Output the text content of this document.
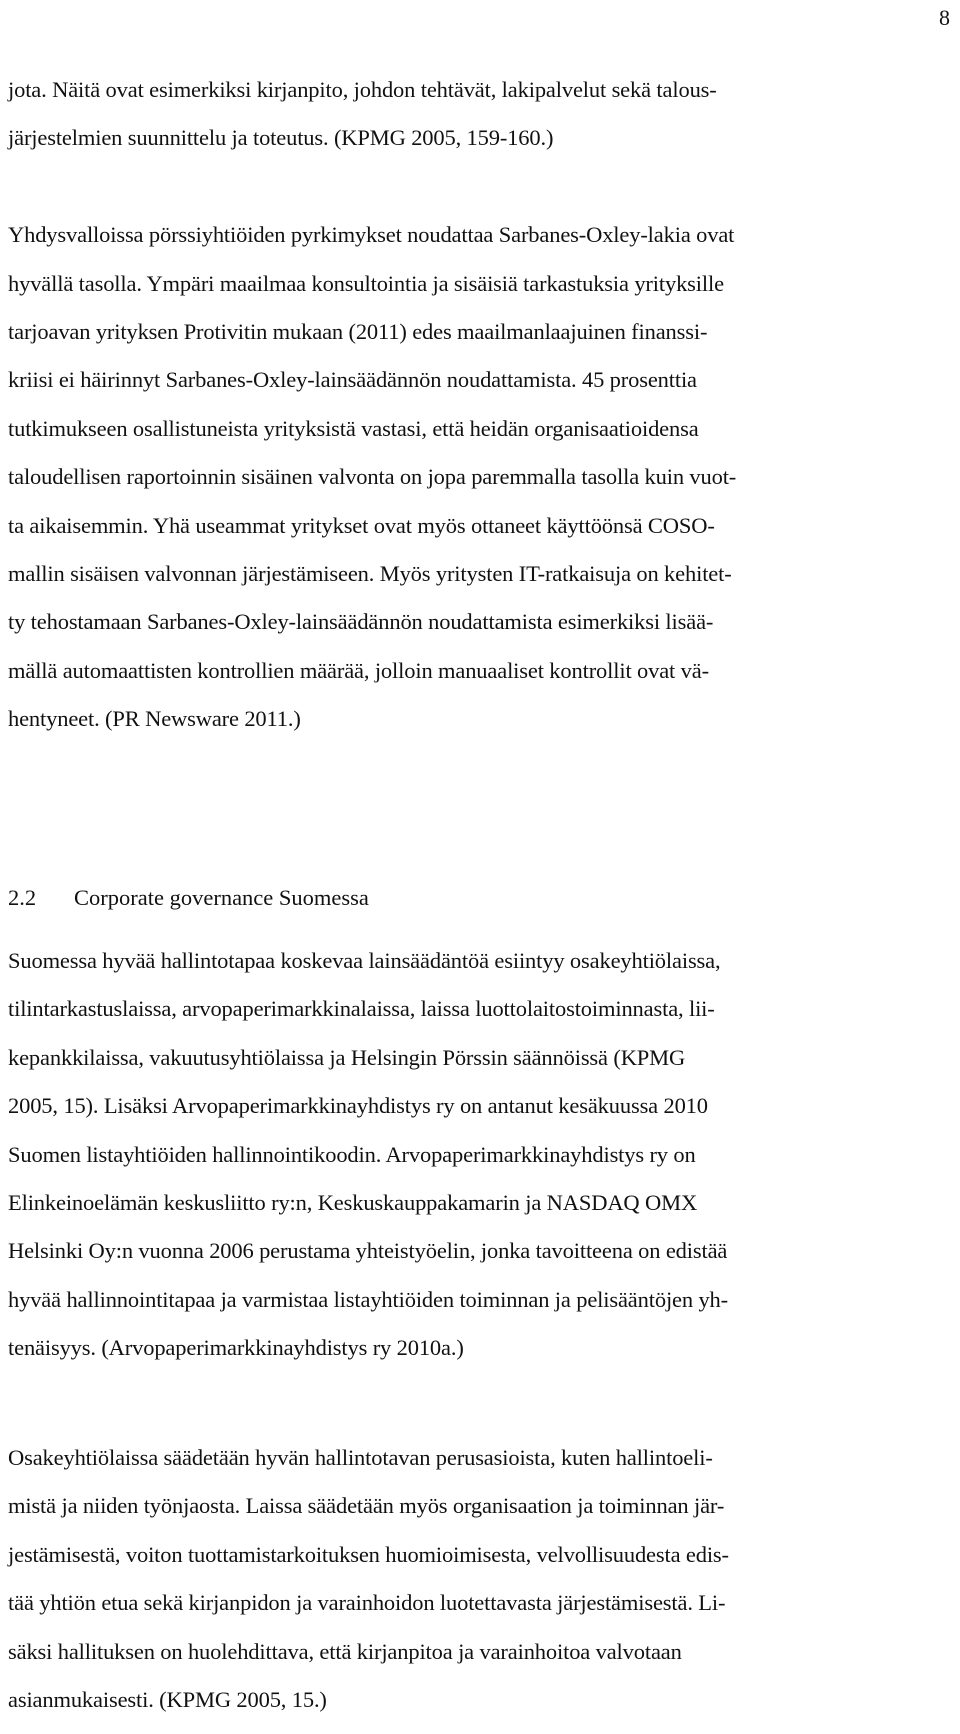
8
jota. Näitä ovat esimerkiksi kirjanpito, johdon tehtävät, lakipalvelut sekä talous-
järjestelmien suunnittelu ja toteutus. (KPMG 2005, 159-160.)
Yhdysvalloissa pörssiyhtiöiden pyrkimykset noudattaa Sarbanes-Oxley-lakia ovat
hyvällä tasolla. Ympäri maailmaa konsultointia ja sisäisiä tarkastuksia yrityksille
tarjoavan yrityksen Protivitin mukaan (2011) edes maailmanlaajuinen finanssi-
kriisi ei häirinnyt Sarbanes-Oxley-lainsäädännön noudattamista. 45 prosenttia
tutkimukseen osallistuneista yrityksistä vastasi, että heidän organisaatioidensa
taloudellisen raportoinnin sisäinen valvonta on jopa paremmalla tasolla kuin vuot-
ta aikaisemmin. Yhä useammat yritykset ovat myös ottaneet käyttöönsä COSO-
mallin sisäisen valvonnan järjestämiseen. Myös yritysten IT-ratkaisuja on kehitet-
ty tehostamaan Sarbanes-Oxley-lainsäädännön noudattamista esimerkiksi lisää-
mällä automaattisten kontrollien määrää, jolloin manuaaliset kontrollit ovat vä-
hentyneet. (PR Newsware 2011.)
2.2 Corporate governance Suomessa
Suomessa hyvää hallintotapaa koskevaa lainsäädäntöä esiintyy osakeyhtiölaissa,
tilintarkastuslaissa, arvopaperimarkkinalaissa, laissa luottolaitostoiminnasta, lii-
kepankkilaissa, vakuutusyhtiölaissa ja Helsingin Pörssin säännöissä (KPMG
2005, 15). Lisäksi Arvopaperimarkkinayhdistys ry on antanut kesäkuussa 2010
Suomen listayhtiöiden hallinnointikoodin. Arvopaperimarkkinayhdistys ry on
Elinkeinoelämän keskusliitto ry:n, Keskuskauppakamarin ja NASDAQ OMX
Helsinki Oy:n vuonna 2006 perustama yhteistyöelin, jonka tavoitteena on edistää
hyvää hallinnointitapaa ja varmistaa listayhtiöiden toiminnan ja pelisääntöjen yh-
tenäisyys. (Arvopaperimarkkinayhdistys ry 2010a.)
Osakeyhtiölaissa säädetään hyvän hallintotavan perusasioista, kuten hallintoeli-
mistä ja niiden työnjaosta. Laissa säädetään myös organisaation ja toiminnan jär-
jestämisestä, voiton tuottamistarkoituksen huomioimisesta, velvollisuudesta edis-
tää yhtiön etua sekä kirjanpidon ja varainhoidon luotettavasta järjestämisestä. Li-
säksi hallituksen on huolehdittava, että kirjanpitoa ja varainhoitoa valvotaan
asianmukaisesti. (KPMG 2005, 15.)
